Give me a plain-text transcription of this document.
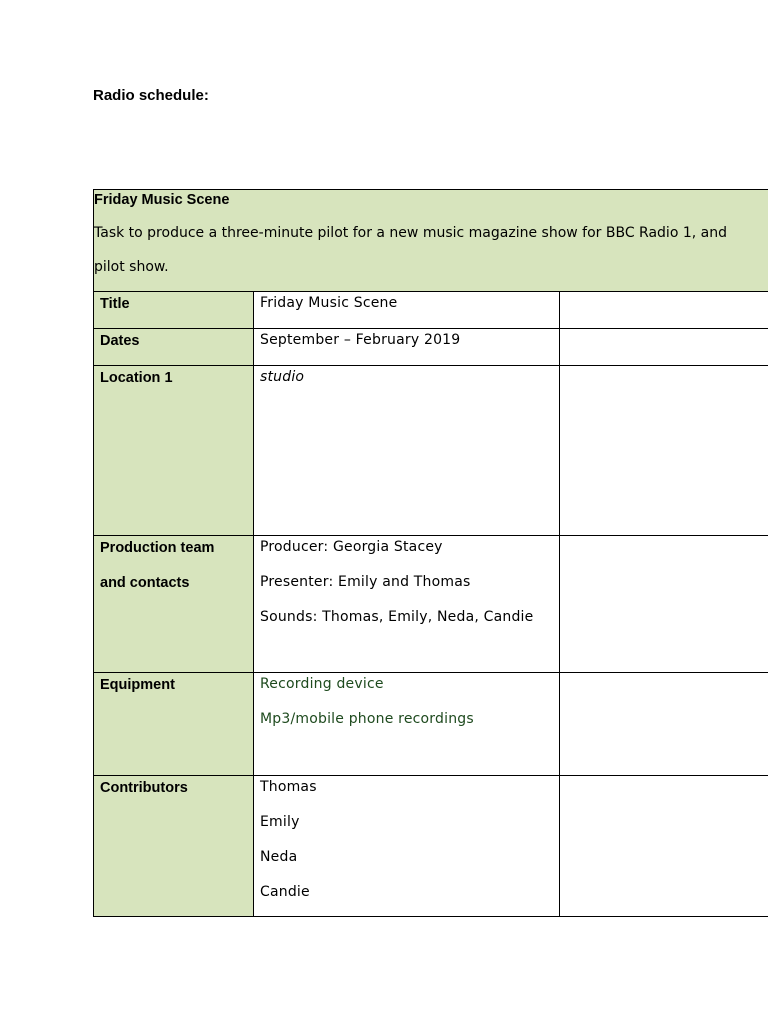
Radio schedule:
Friday Music Scene
Task to produce a three-minute pilot for a new music magazine show for BBC Radio 1, and
pilot show.		

Title	Friday Music Scene	

Dates	September – February 2019	

Location 1	studio	

Production team
and contacts	Producer: Georgia Stacey
Presenter: Emily and Thomas
Sounds: Thomas, Emily, Neda, Candie	

Equipment	Recording device
Mp3/mobile phone recordings	

Contributors	Thomas
Emily
Neda
Candie	
